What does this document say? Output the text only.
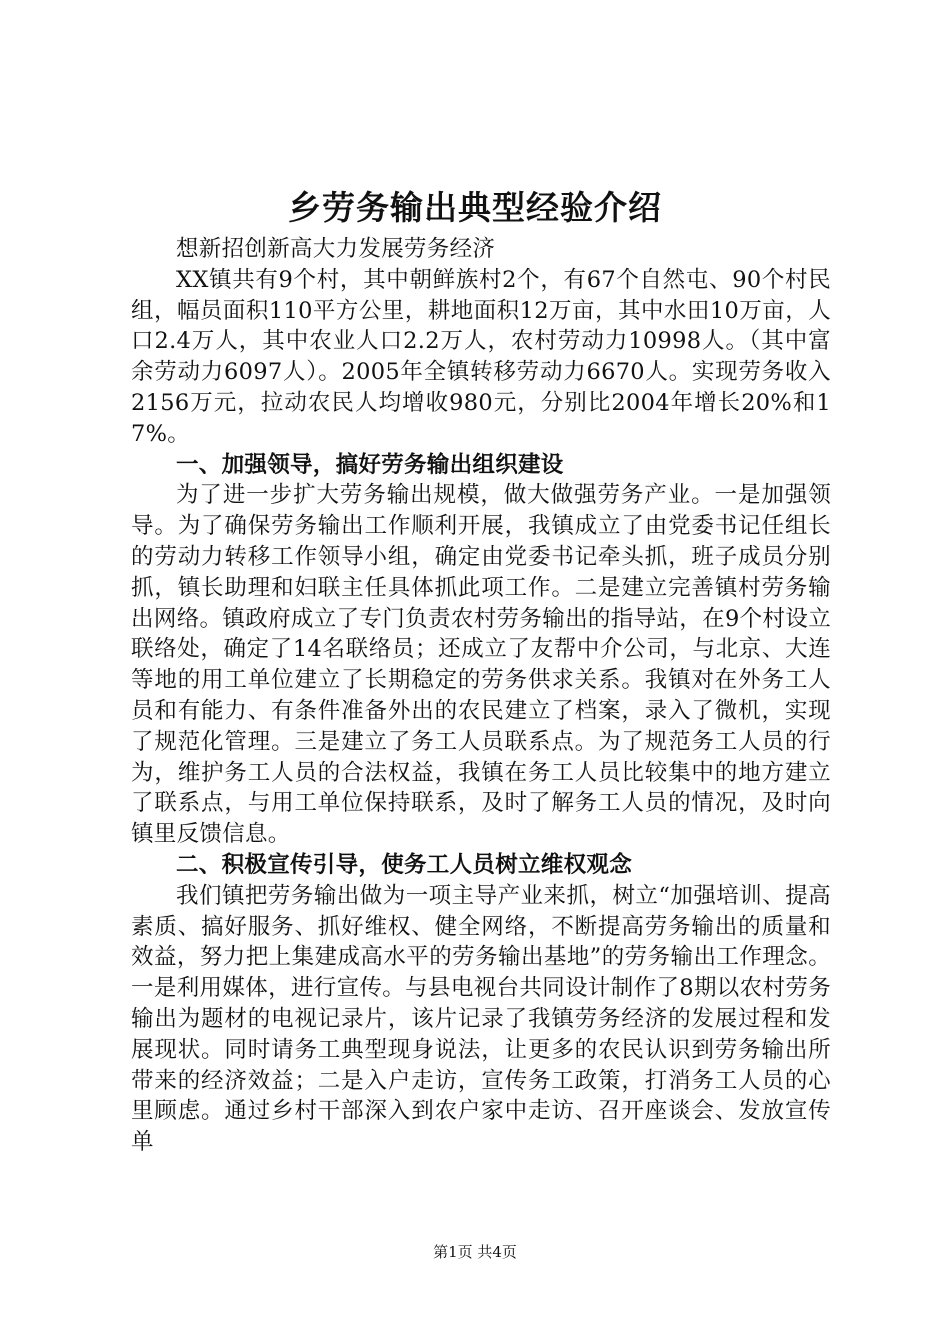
乡劳务输出典型经验介绍

想新招创新高大力发展劳务经济

XX镇共有9个村，其中朝鲜族村2个，有67个自然屯、90个村民组，幅员面积110平方公里，耕地面积12万亩，其中水田10万亩，人口2.4万人，其中农业人口2.2万人，农村劳动力10998人。（其中富余劳动力6097人）。2005年全镇转移劳动力6670人。实现劳务收入2156万元，拉动农民人均增收980元，分别比2004年增长20%和17%。

一、加强领导，搞好劳务输出组织建设

为了进一步扩大劳务输出规模，做大做强劳务产业。一是加强领导。为了确保劳务输出工作顺利开展，我镇成立了由党委书记任组长的劳动力转移工作领导小组，确定由党委书记牵头抓，班子成员分别抓，镇长助理和妇联主任具体抓此项工作。二是建立完善镇村劳务输出网络。镇政府成立了专门负责农村劳务输出的指导站，在9个村设立联络处，确定了14名联络员；还成立了友帮中介公司，与北京、大连等地的用工单位建立了长期稳定的劳务供求关系。我镇对在外务工人员和有能力、有条件准备外出的农民建立了档案，录入了微机，实现了规范化管理。三是建立了务工人员联系点。为了规范务工人员的行为，维护务工人员的合法权益，我镇在务工人员比较集中的地方建立了联系点，与用工单位保持联系，及时了解务工人员的情况，及时向镇里反馈信息。

二、积极宣传引导，使务工人员树立维权观念

我们镇把劳务输出做为一项主导产业来抓，树立“加强培训、提高素质、搞好服务、抓好维权、健全网络，不断提高劳务输出的质量和效益，努力把上集建成高水平的劳务输出基地”的劳务输出工作理念。一是利用媒体，进行宣传。与县电视台共同设计制作了8期以农村劳务输出为题材的电视记录片，该片记录了我镇劳务经济的发展过程和发展现状。同时请务工典型现身说法，让更多的农民认识到劳务输出所带来的经济效益；二是入户走访，宣传务工政策，打消务工人员的心里顾虑。通过乡村干部深入到农户家中走访、召开座谈会、发放宣传单

第1页 共4页
